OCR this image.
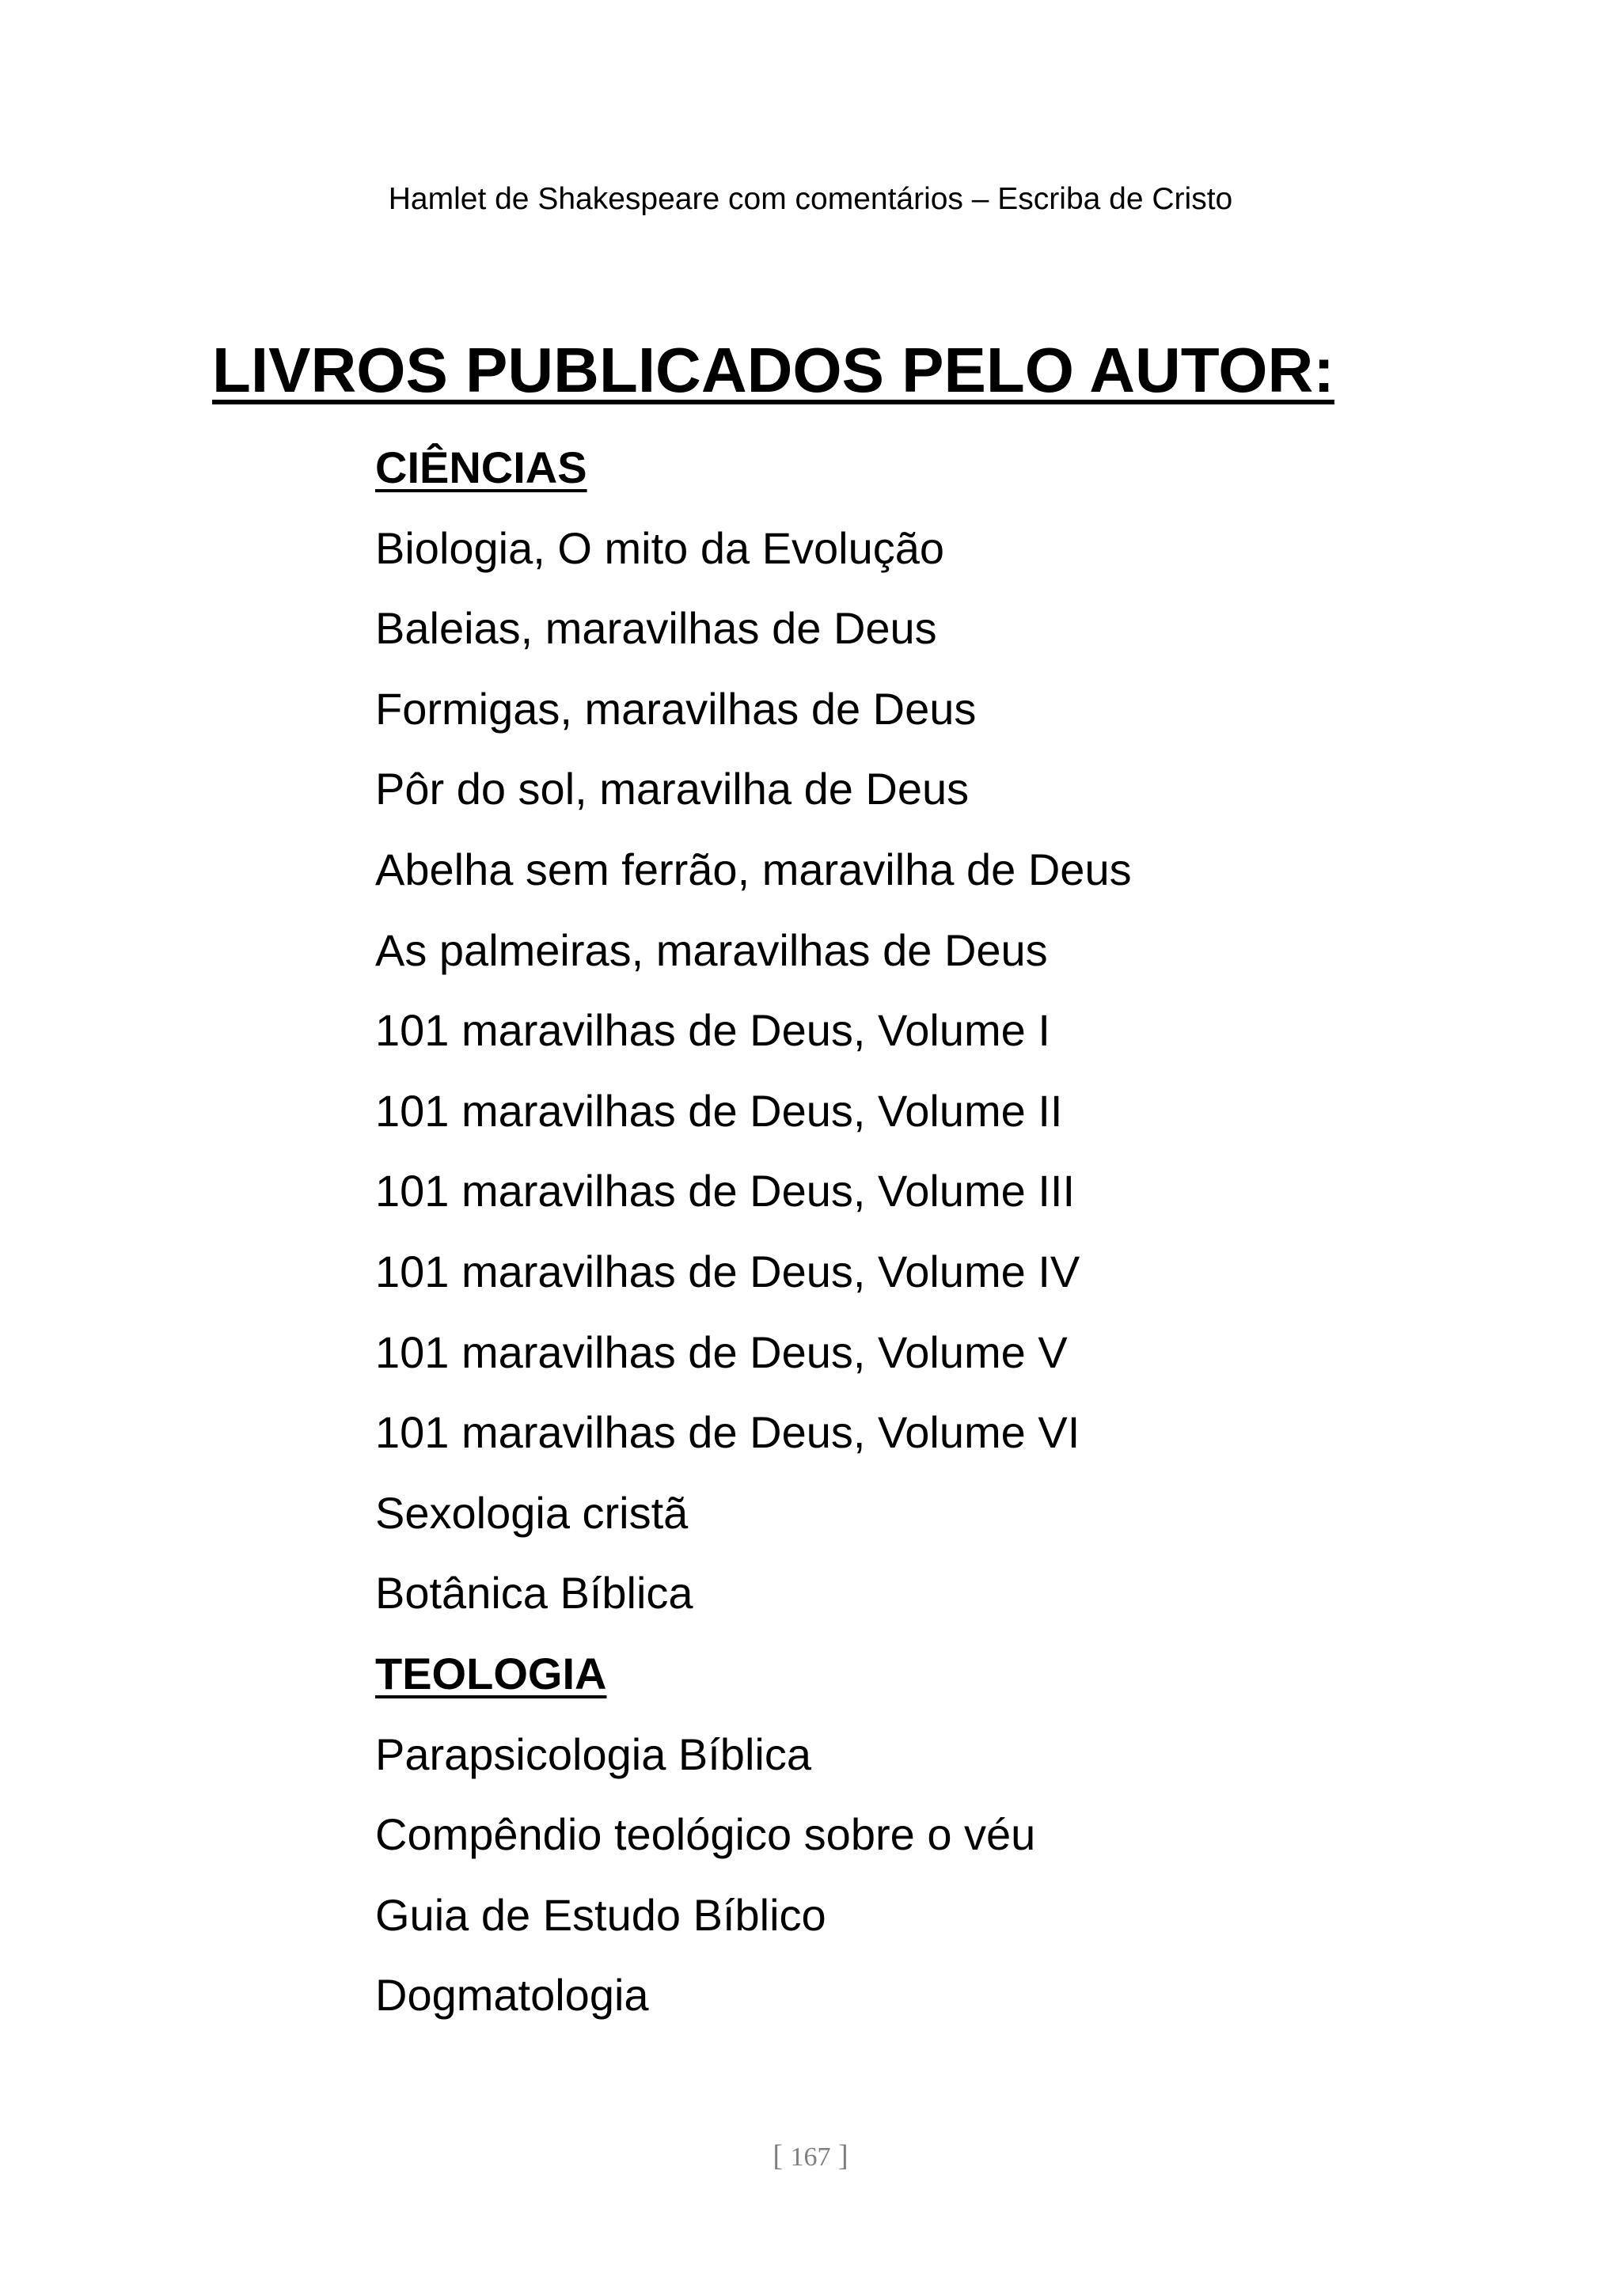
Hamlet de Shakespeare com comentários – Escriba de Cristo
LIVROS PUBLICADOS PELO AUTOR:
CIÊNCIAS
Biologia, O mito da Evolução
Baleias, maravilhas de Deus
Formigas, maravilhas de Deus
Pôr do sol, maravilha de Deus
Abelha sem ferrão, maravilha de Deus
As palmeiras, maravilhas de Deus
101 maravilhas de Deus, Volume I
101 maravilhas de Deus, Volume II
101 maravilhas de Deus, Volume III
101 maravilhas de Deus, Volume IV
101 maravilhas de Deus, Volume V
101 maravilhas de Deus, Volume VI
Sexologia cristã
Botânica Bíblica
TEOLOGIA
Parapsicologia Bíblica
Compêndio teológico sobre o véu
Guia de Estudo Bíblico
Dogmatologia
[ 167 ]
